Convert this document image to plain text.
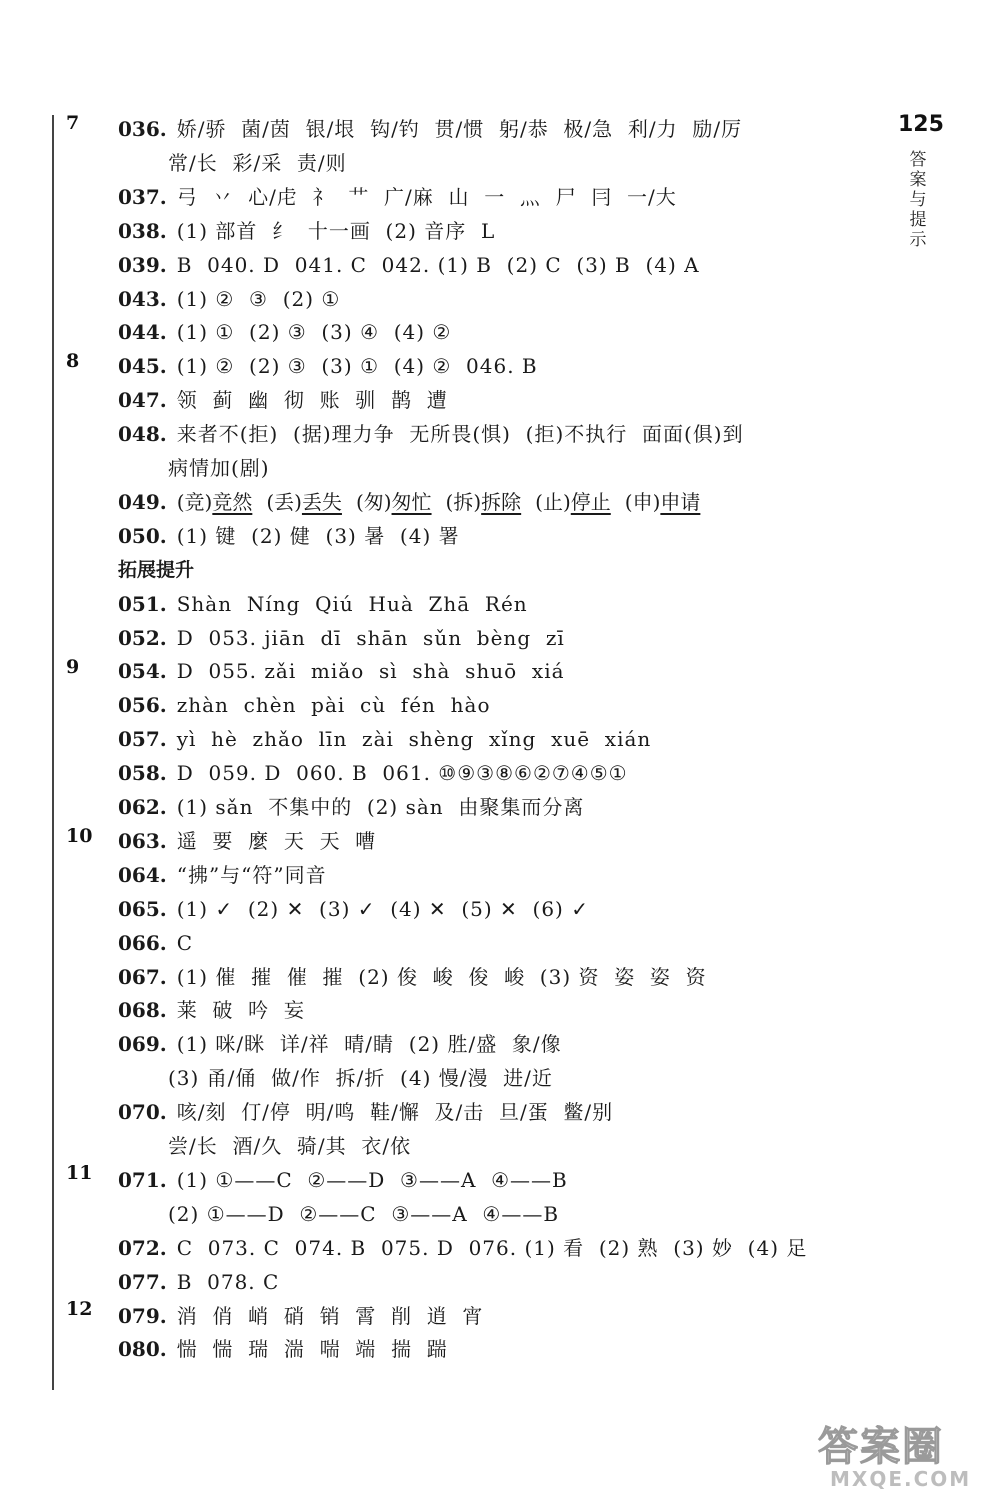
125
答案与提示
7
8
9
10
11
12
036. 娇/骄  菌/茵  银/垠  钩/钓  贯/惯  躬/恭  极/急  利/力  励/厉
常/长  彩/采  责/则
037. 弓  丷  心/虍  礻  艹  广/麻  山  一  灬  尸  冃  一/大
038. (1) 部首  纟  十一画  (2) 音序  L
039. B  040. D  041. C  042. (1) B  (2) C  (3) B  (4) A
043. (1) ②  ③  (2) ①
044. (1) ①  (2) ③  (3) ④  (4) ②
045. (1) ②  (2) ③  (3) ①  (4) ②  046. B
047. 领  蓟  幽  彻  账  驯  鹊  遭
048. 来者不(拒)  (据)理力争  无所畏(惧)  (拒)不执行  面面(俱)到
病情加(剧)
049. (竞)竞然 (丢)丢失 (匆)匆忙 (拆)拆除 (止)停止 (申)申请
050. (1) 键  (2) 健  (3) 暑  (4) 署
拓展提升
051. Shàn  Níng  Qiú  Huà  Zhā  Rén
052. D  053. jiān  dī  shān  sǔn  bèng  zī
054. D  055. zǎi  miǎo  sì  shà  shuō  xiá
056. zhàn  chèn  pài  cù  fén  hào
057. yì  hè  zhǎo  līn  zài  shèng  xǐng  xuē  xián
058. D  059. D  060. B  061. ⑩⑨③⑧⑥②⑦④⑤①
062. (1) sǎn  不集中的  (2) sàn  由聚集而分离
063. 遥  要  麼  天  天  嘈
064. “拂”与“符”同音
065. (1) ✓  (2) ✕  (3) ✓  (4) ✕  (5) ✕  (6) ✓
066. C
067. (1) 催  摧  催  摧  (2) 俊  峻  俊  峻  (3) 资  姿  姿  资
068. 莱  破  吟  妄
069. (1) 咪/眯  详/祥  晴/睛  (2) 胜/盛  象/像
(3) 甬/俑  做/作  拆/折  (4) 慢/漫  进/近
070. 咳/刻  仃/停  明/鸣  鞋/懈  及/击  旦/蛋  鳖/别
尝/长  酒/久  骑/其  衣/依
071. (1) ①——C  ②——D  ③——A  ④——B
(2) ①——D  ②——C  ③——A  ④——B
072. C  073. C  074. B  075. D  076. (1) 看  (2) 熟  (3) 妙  (4) 足
077. B  078. C
079. 消  俏  峭  硝  销  霄  削  逍  宵
080. 惴  惴  瑞  湍  喘  端  揣  踹
答案圈
MXQE.COM
